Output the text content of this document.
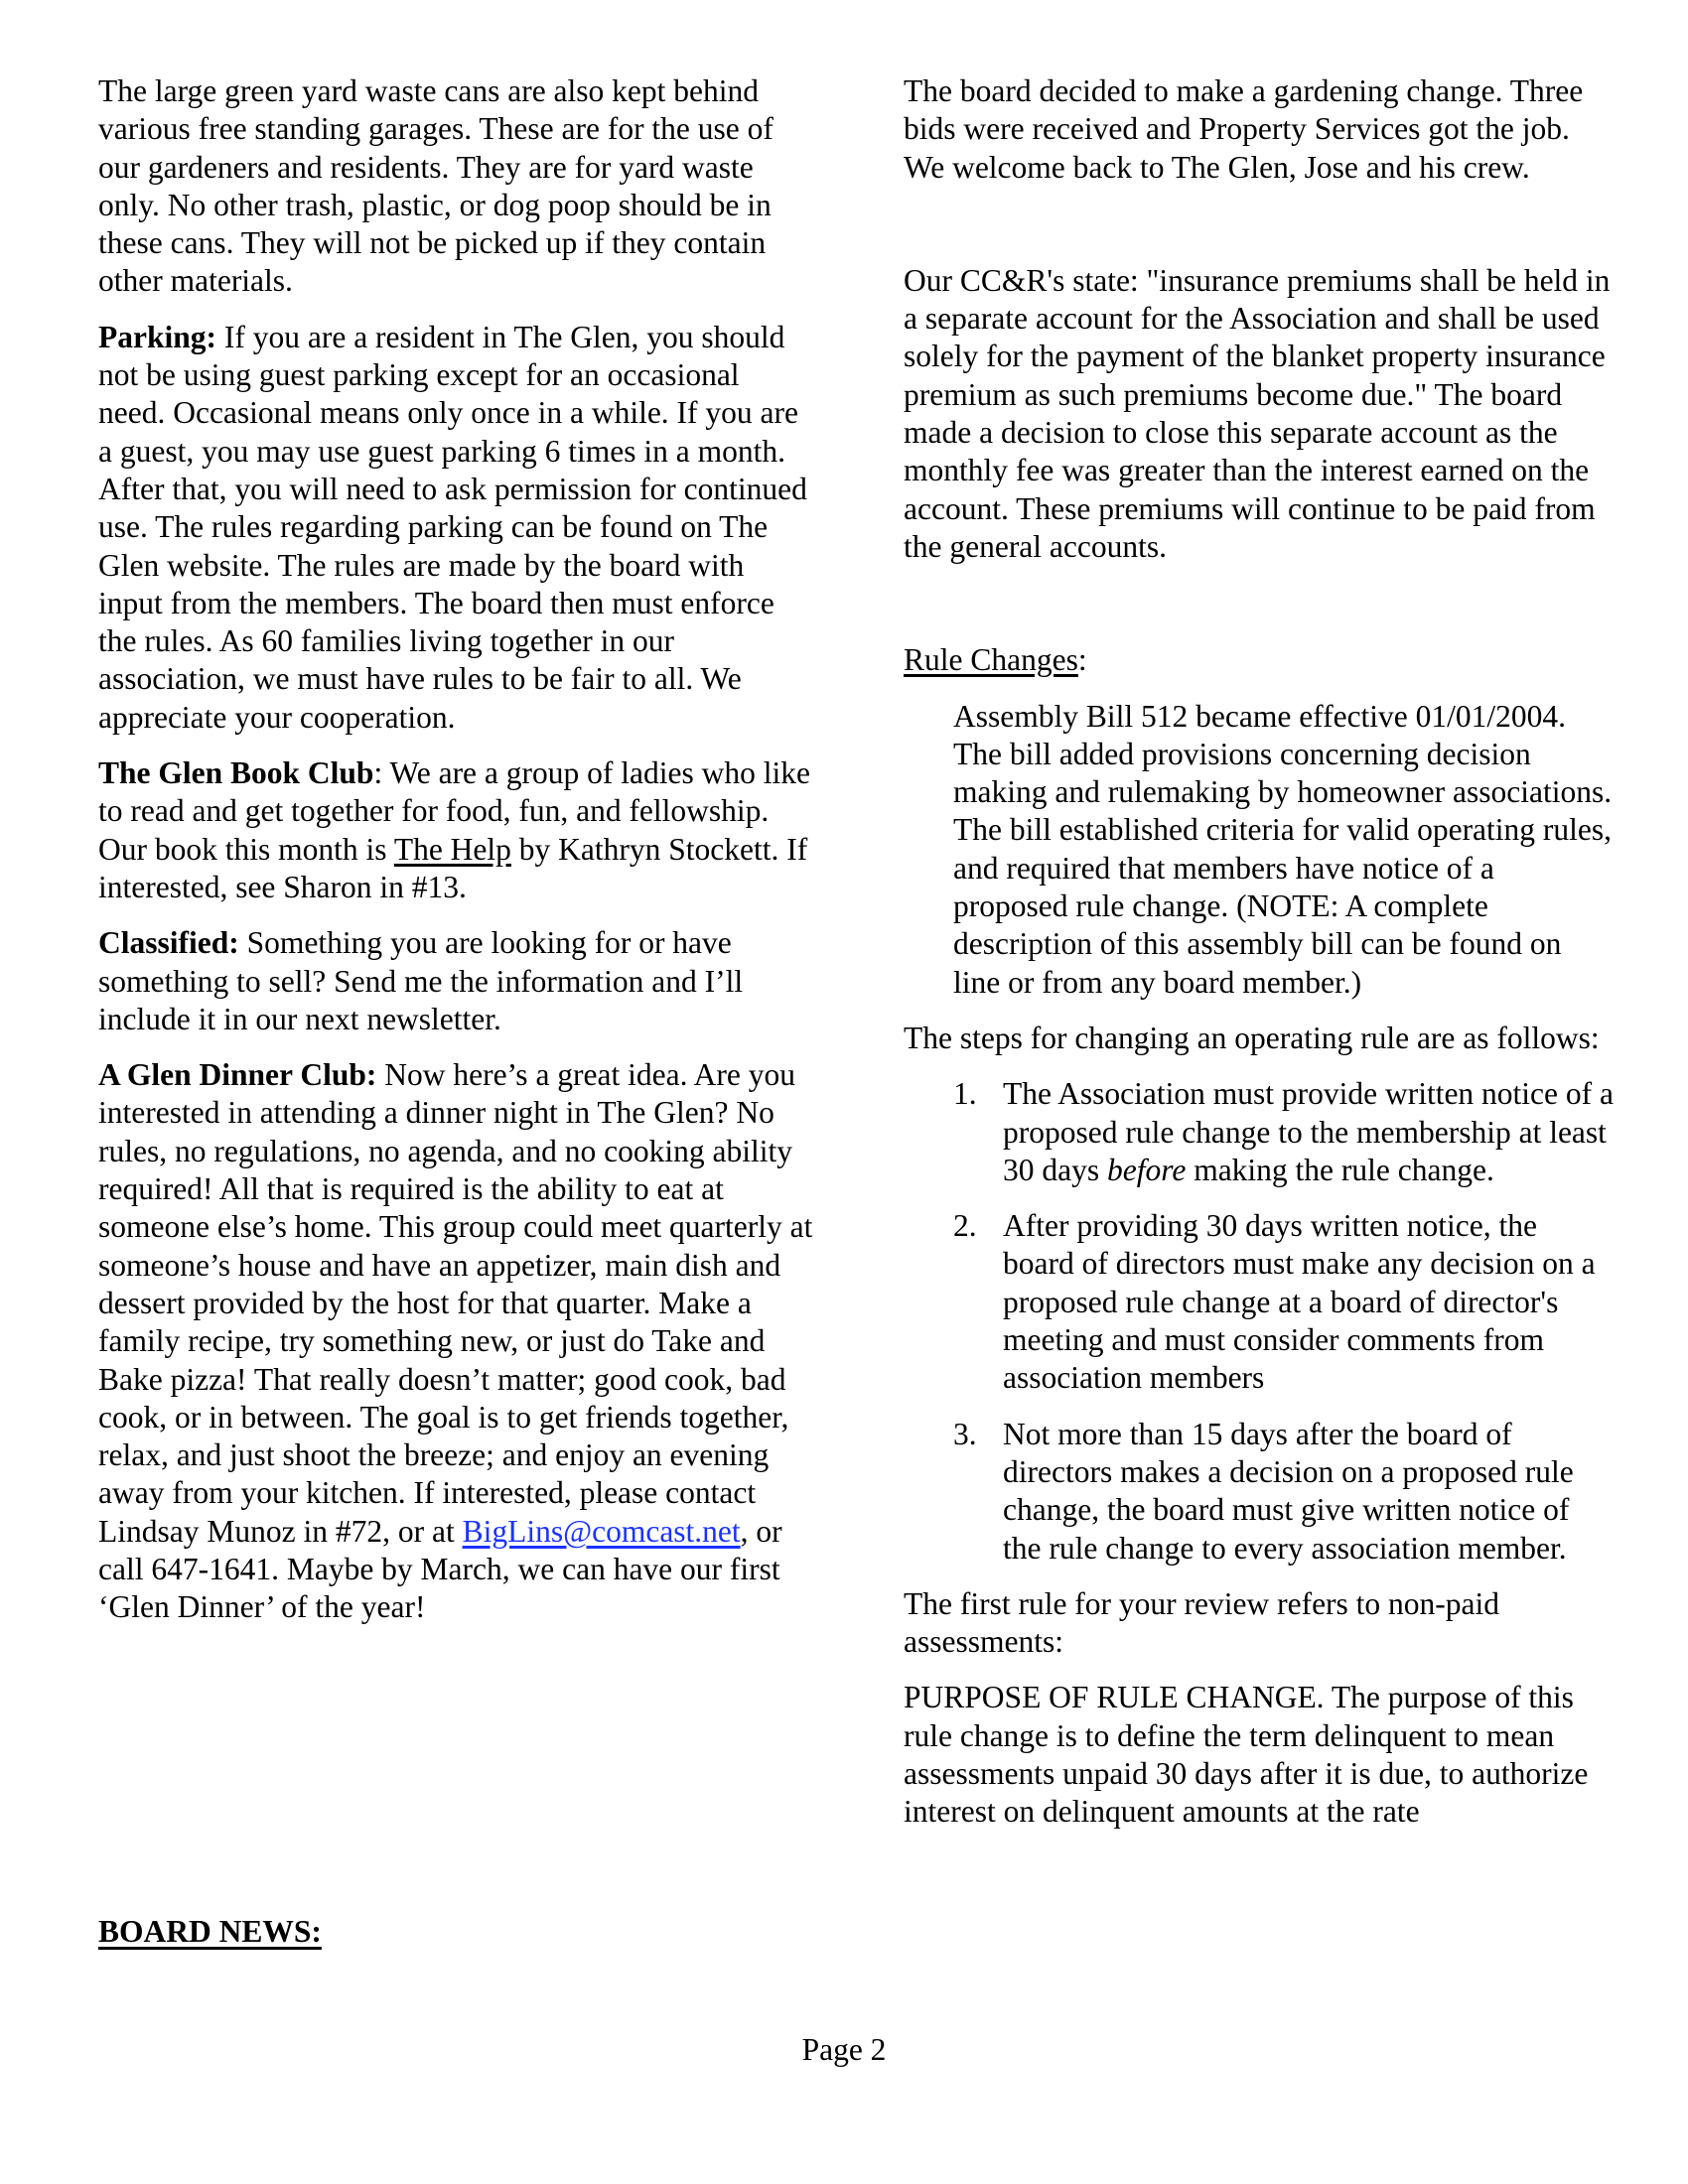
The large green yard waste cans are also kept behind various free standing garages. These are for the use of our gardeners and residents. They are for yard waste only. No other trash, plastic, or dog poop should be in these cans. They will not be picked up if they contain other materials.

Parking: If you are a resident in The Glen, you should not be using guest parking except for an occasional need. Occasional means only once in a while. If you are a guest, you may use guest parking 6 times in a month. After that, you will need to ask permission for continued use. The rules regarding parking can be found on The Glen website. The rules are made by the board with input from the members. The board then must enforce the rules. As 60 families living together in our association, we must have rules to be fair to all. We appreciate your cooperation.

The Glen Book Club: We are a group of ladies who like to read and get together for food, fun, and fellowship. Our book this month is The Help by Kathryn Stockett. If interested, see Sharon in #13.

Classified: Something you are looking for or have something to sell? Send me the information and I’ll include it in our next newsletter.

A Glen Dinner Club: Now here’s a great idea. Are you interested in attending a dinner night in The Glen? No rules, no regulations, no agenda, and no cooking ability required! All that is required is the ability to eat at someone else’s home. This group could meet quarterly at someone’s house and have an appetizer, main dish and dessert provided by the host for that quarter. Make a family recipe, try something new, or just do Take and Bake pizza! That really doesn’t matter; good cook, bad cook, or in between. The goal is to get friends together, relax, and just shoot the breeze; and enjoy an evening away from your kitchen. If interested, please contact Lindsay Munoz in #72, or at BigLins@comcast.net, or call 647-1641. Maybe by March, we can have our first ‘Glen Dinner’ of the year!

BOARD NEWS:

The board decided to make a gardening change. Three bids were received and Property Services got the job. We welcome back to The Glen, Jose and his crew.

Our CC&R's state: "insurance premiums shall be held in a separate account for the Association and shall be used solely for the payment of the blanket property insurance premium as such premiums become due." The board made a decision to close this separate account as the monthly fee was greater than the interest earned on the account. These premiums will continue to be paid from the general accounts.

Rule Changes:

Assembly Bill 512 became effective 01/01/2004. The bill added provisions concerning decision making and rulemaking by homeowner associations. The bill established criteria for valid operating rules, and required that members have notice of a proposed rule change. (NOTE: A complete description of this assembly bill can be found on line or from any board member.)

The steps for changing an operating rule are as follows:

1. The Association must provide written notice of a proposed rule change to the membership at least 30 days before making the rule change.
2. After providing 30 days written notice, the board of directors must make any decision on a proposed rule change at a board of director's meeting and must consider comments from association members
3. Not more than 15 days after the board of directors makes a decision on a proposed rule change, the board must give written notice of the rule change to every association member.

The first rule for your review refers to non-paid assessments:

PURPOSE OF RULE CHANGE. The purpose of this rule change is to define the term delinquent to mean assessments unpaid 30 days after it is due, to authorize interest on delinquent amounts at the rate

Page 2
